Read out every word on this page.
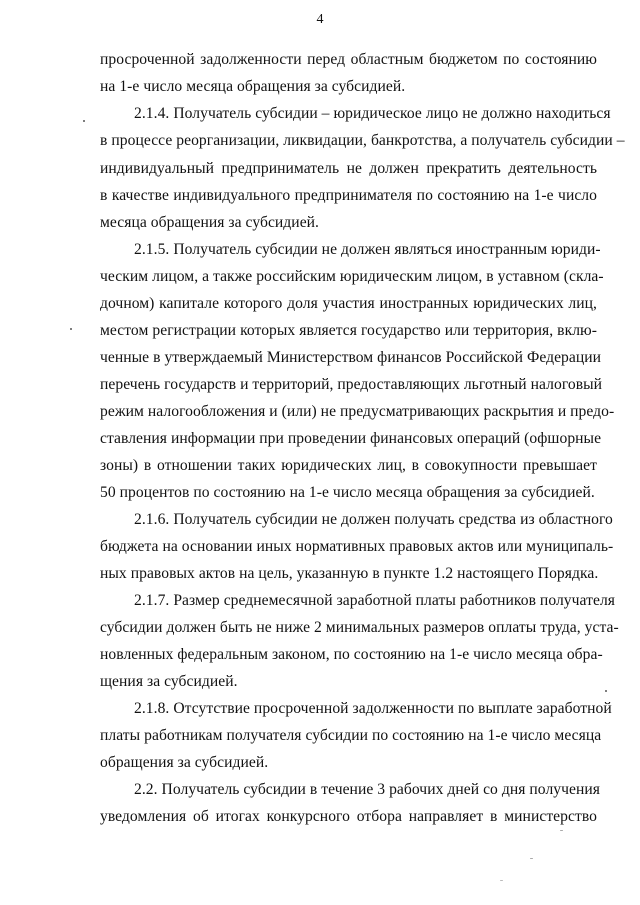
4
просроченной задолженности перед областным бюджетом по состоянию
на 1-е число месяца обращения за субсидией.
2.1.4. Получатель субсидии – юридическое лицо не должно находиться
в процессе реорганизации, ликвидации, банкротства, а получатель субсидии –
индивидуальный предприниматель не должен прекратить деятельность
в качестве индивидуального предпринимателя по состоянию на 1-е число
месяца обращения за субсидией.
2.1.5. Получатель субсидии не должен являться иностранным юриди-
ческим лицом, а также российским юридическим лицом, в уставном (скла-
дочном) капитале которого доля участия иностранных юридических лиц,
местом регистрации которых является государство или территория, вклю-
ченные в утверждаемый Министерством финансов Российской Федерации
перечень государств и территорий, предоставляющих льготный налоговый
режим налогообложения и (или) не предусматривающих раскрытия и предо-
ставления информации при проведении финансовых операций (офшорные
зоны) в отношении таких юридических лиц, в совокупности превышает
50 процентов по состоянию на 1-е число месяца обращения за субсидией.
2.1.6. Получатель субсидии не должен получать средства из областного
бюджета на основании иных нормативных правовых актов или муниципаль-
ных правовых актов на цель, указанную в пункте 1.2 настоящего Порядка.
2.1.7. Размер среднемесячной заработной платы работников получателя
субсидии должен быть не ниже 2 минимальных размеров оплаты труда, уста-
новленных федеральным законом, по состоянию на 1-е число месяца обра-
щения за субсидией.
2.1.8. Отсутствие просроченной задолженности по выплате заработной
платы работникам получателя субсидии по состоянию на 1-е число месяца
обращения за субсидией.
2.2. Получатель субсидии в течение 3 рабочих дней со дня получения
уведомления об итогах конкурсного отбора направляет в министерство
